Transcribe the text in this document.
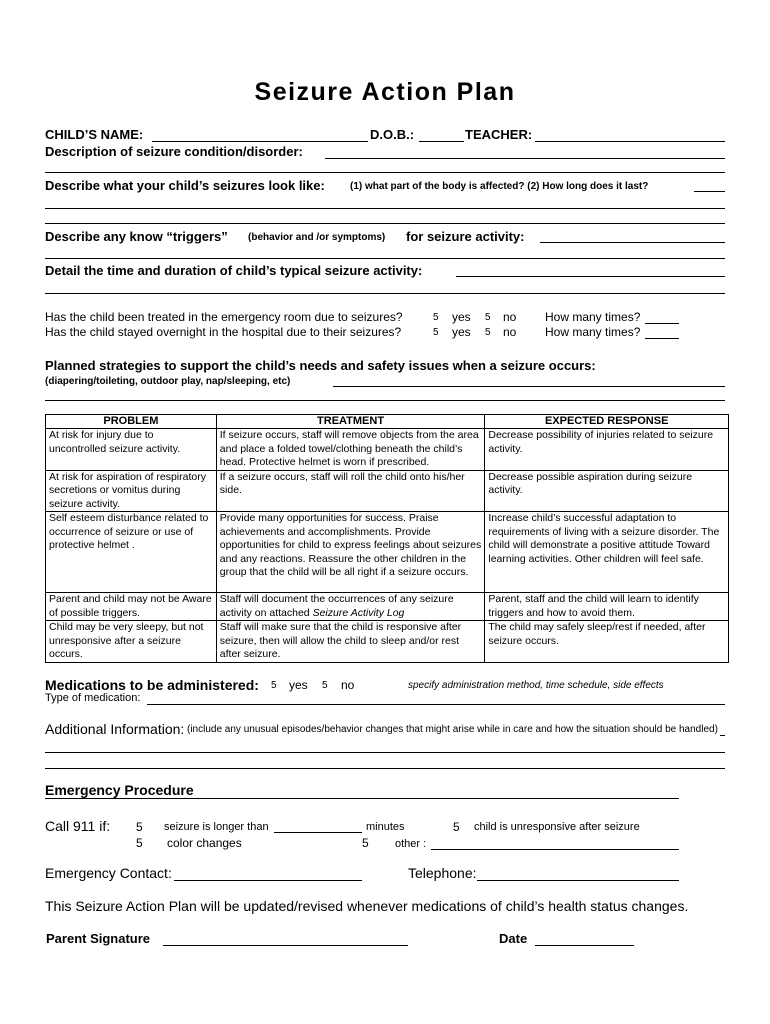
Seizure Action Plan
CHILD’S NAME:	D.O.B.:	TEACHER:
Description of seizure condition/disorder:
Describe what your child’s seizures look like:	(1) what part of the body is affected? (2) How long does it last?
Describe any know “triggers” (behavior and /or symptoms) for seizure activity:
Detail the time and duration of child’s typical seizure activity:
Has the child been treated in the emergency room due to seizures?	5 yes 5 no How many times?
Has the child stayed overnight in the hospital due to their seizures?	5 yes 5 no How many times?
Planned strategies to support the child’s needs and safety issues when a seizure occurs:
(diapering/toileting, outdoor play, nap/sleeping, etc)
PROBLEM	TREATMENT	EXPECTED RESPONSE
At risk for injury due to uncontrolled seizure activity.	If seizure occurs, staff will remove objects from the area and place a folded towel/clothing beneath the child’s head. Protective helmet is worn if prescribed.	Decrease possibility of injuries related to seizure activity.
At risk for aspiration of respiratory secretions or vomitus during seizure activity.	If a seizure occurs, staff will roll the child onto his/her side.	Decrease possible aspiration during seizure activity.
Self esteem disturbance related to occurrence of seizure or use of protective helmet .	Provide many opportunities for success. Praise achievements and accomplishments. Provide opportunities for child to express feelings about seizures and any reactions. Reassure the other children in the group that the child will be all right if a seizure occurs.	Increase child’s successful adaptation to requirements of living with a seizure disorder. The child will demonstrate a positive attitude Toward learning activities. Other children will feel safe.
Parent and child may not be Aware of possible triggers.	Staff will document the occurrences of any seizure activity on attached Seizure Activity Log	Parent, staff and the child will learn to identify triggers and how to avoid them.
Child may be very sleepy, but not unresponsive after a seizure occurs.	Staff will make sure that the child is responsive after seizure, then will allow the child to sleep and/or rest after seizure.	The child may safely sleep/rest if needed, after seizure occurs.
Medications to be administered: 5 yes 5 no	specify administration method, time schedule, side effects
Type of medication:
Additional Information: (include any unusual episodes/behavior changes that might arise while in care and how the situation should be handled)
Emergency Procedure
Call 911 if: 5 seizure is longer than	minutes	5 child is unresponsive after seizure
5 color changes	5 other :
Emergency Contact:	Telephone:
This Seizure Action Plan will be updated/revised whenever medications of child’s health status changes.
Parent Signature	Date
